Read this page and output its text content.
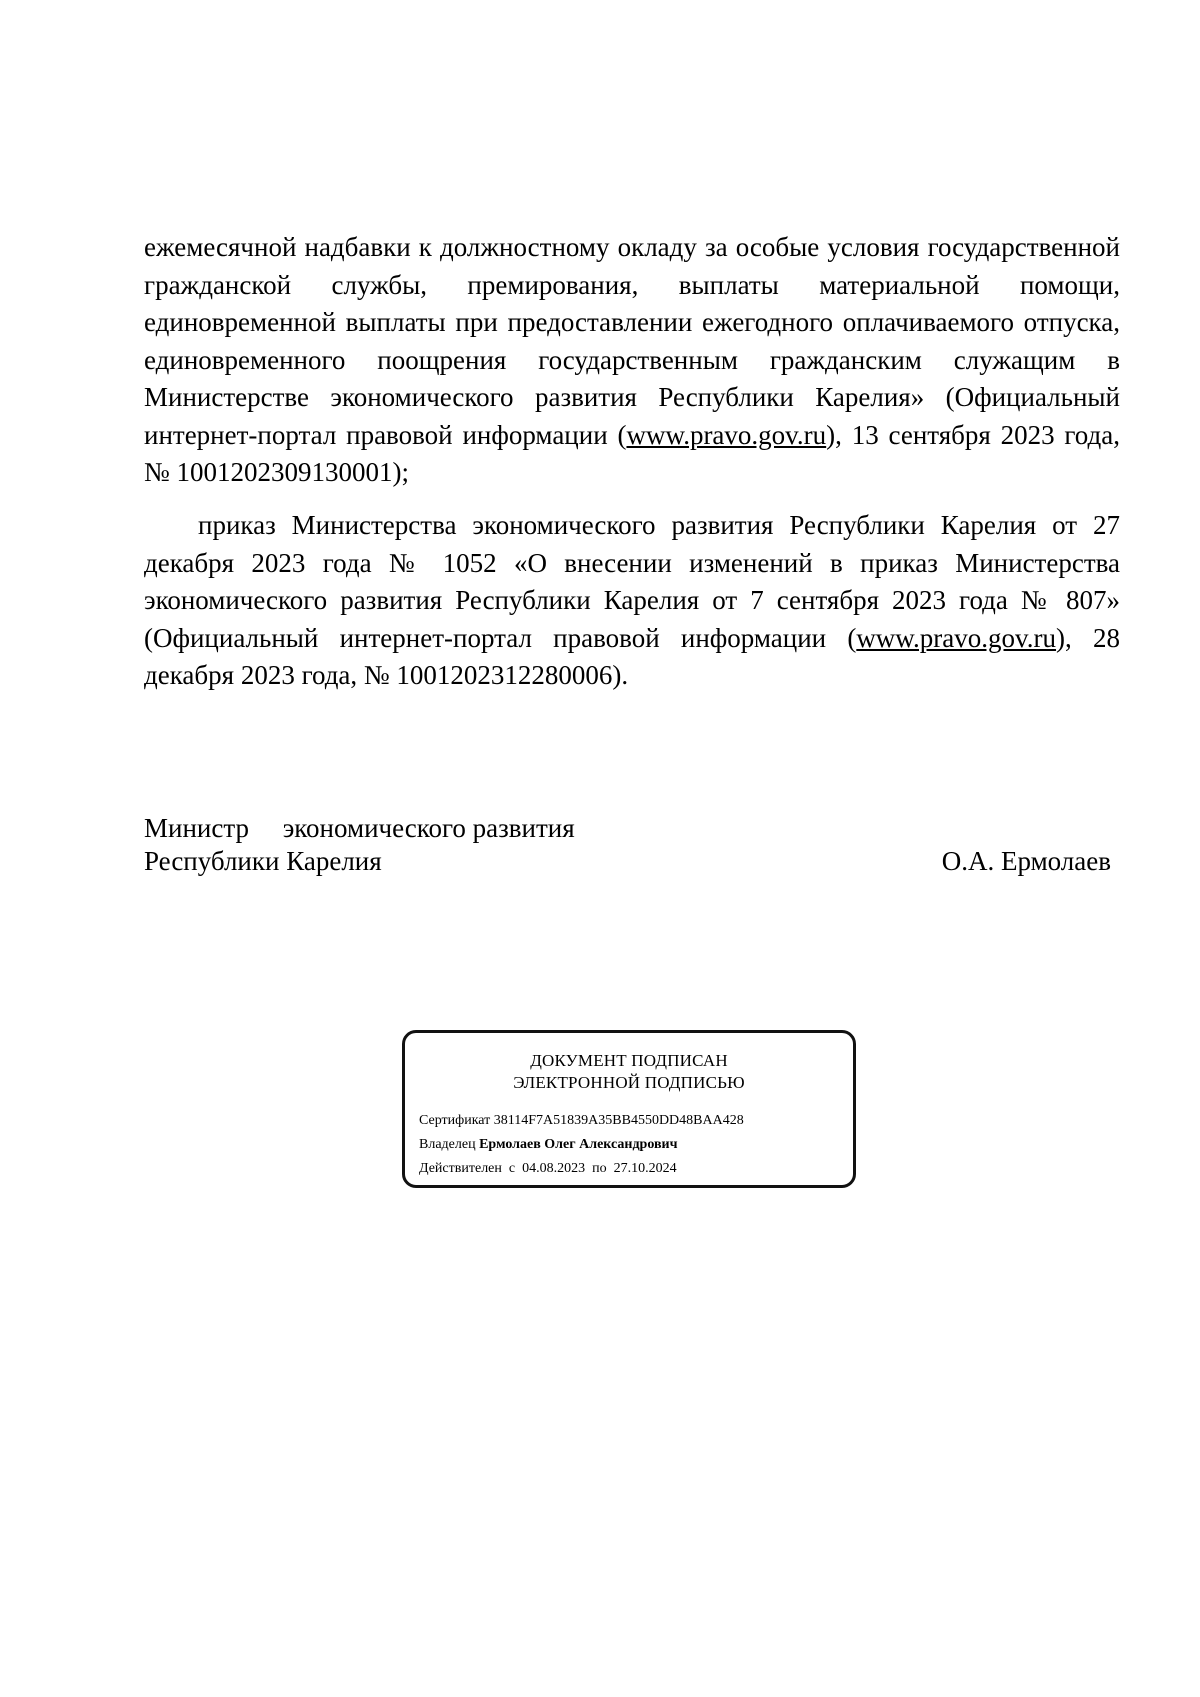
ежемесячной надбавки к должностному окладу за особые условия государственной гражданской службы, премирования, выплаты материальной помощи, единовременной выплаты при предоставлении ежегодного оплачиваемого отпуска, единовременного поощрения государственным гражданским служащим в Министерстве экономического развития Республики Карелия» (Официальный интернет-портал правовой информации (www.pravo.gov.ru), 13 сентября 2023 года, № 1001202309130001);
приказ Министерства экономического развития Республики Карелия от 27 декабря 2023 года № 1052 «О внесении изменений в приказ Министерства экономического развития Республики Карелия от 7 сентября 2023 года № 807» (Официальный интернет-портал правовой информации (www.pravo.gov.ru), 28 декабря 2023 года, № 1001202312280006).
Министр     экономического развития
Республики Карелия	О.А. Ермолаев
ДОКУМЕНТ ПОДПИСАН
ЭЛЕКТРОННОЙ ПОДПИСЬЮ
Сертификат 38114F7A51839A35BB4550DD48BAA428
Владелец Ермолаев Олег Александрович
Действителен с 04.08.2023 по 27.10.2024
